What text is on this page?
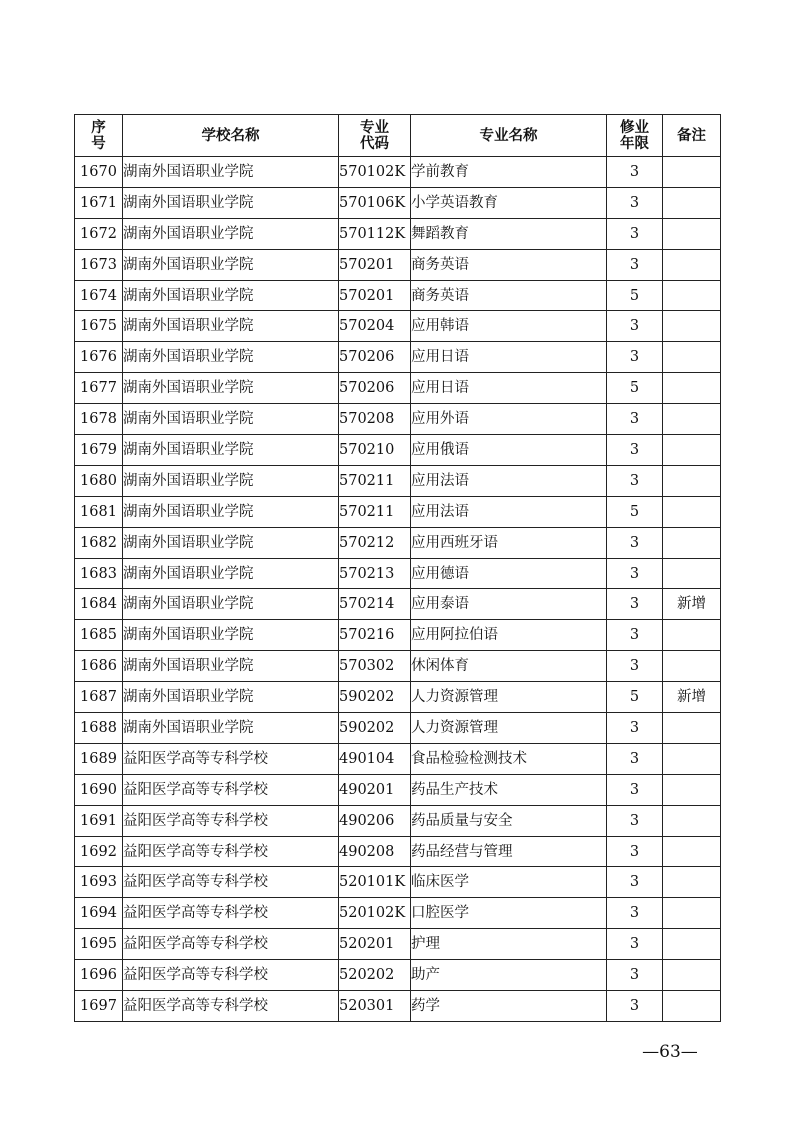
序号	学校名称	专业代码	专业名称	修业年限	备注
1670	湖南外国语职业学院	570102K	学前教育	3	
1671	湖南外国语职业学院	570106K	小学英语教育	3	
1672	湖南外国语职业学院	570112K	舞蹈教育	3	
1673	湖南外国语职业学院	570201	商务英语	3	
1674	湖南外国语职业学院	570201	商务英语	5	
1675	湖南外国语职业学院	570204	应用韩语	3	
1676	湖南外国语职业学院	570206	应用日语	3	
1677	湖南外国语职业学院	570206	应用日语	5	
1678	湖南外国语职业学院	570208	应用外语	3	
1679	湖南外国语职业学院	570210	应用俄语	3	
1680	湖南外国语职业学院	570211	应用法语	3	
1681	湖南外国语职业学院	570211	应用法语	5	
1682	湖南外国语职业学院	570212	应用西班牙语	3	
1683	湖南外国语职业学院	570213	应用德语	3	
1684	湖南外国语职业学院	570214	应用泰语	3	新增
1685	湖南外国语职业学院	570216	应用阿拉伯语	3	
1686	湖南外国语职业学院	570302	休闲体育	3	
1687	湖南外国语职业学院	590202	人力资源管理	5	新增
1688	湖南外国语职业学院	590202	人力资源管理	3	
1689	益阳医学高等专科学校	490104	食品检验检测技术	3	
1690	益阳医学高等专科学校	490201	药品生产技术	3	
1691	益阳医学高等专科学校	490206	药品质量与安全	3	
1692	益阳医学高等专科学校	490208	药品经营与管理	3	
1693	益阳医学高等专科学校	520101K	临床医学	3	
1694	益阳医学高等专科学校	520102K	口腔医学	3	
1695	益阳医学高等专科学校	520201	护理	3	
1696	益阳医学高等专科学校	520202	助产	3	
1697	益阳医学高等专科学校	520301	药学	3	
—63—
